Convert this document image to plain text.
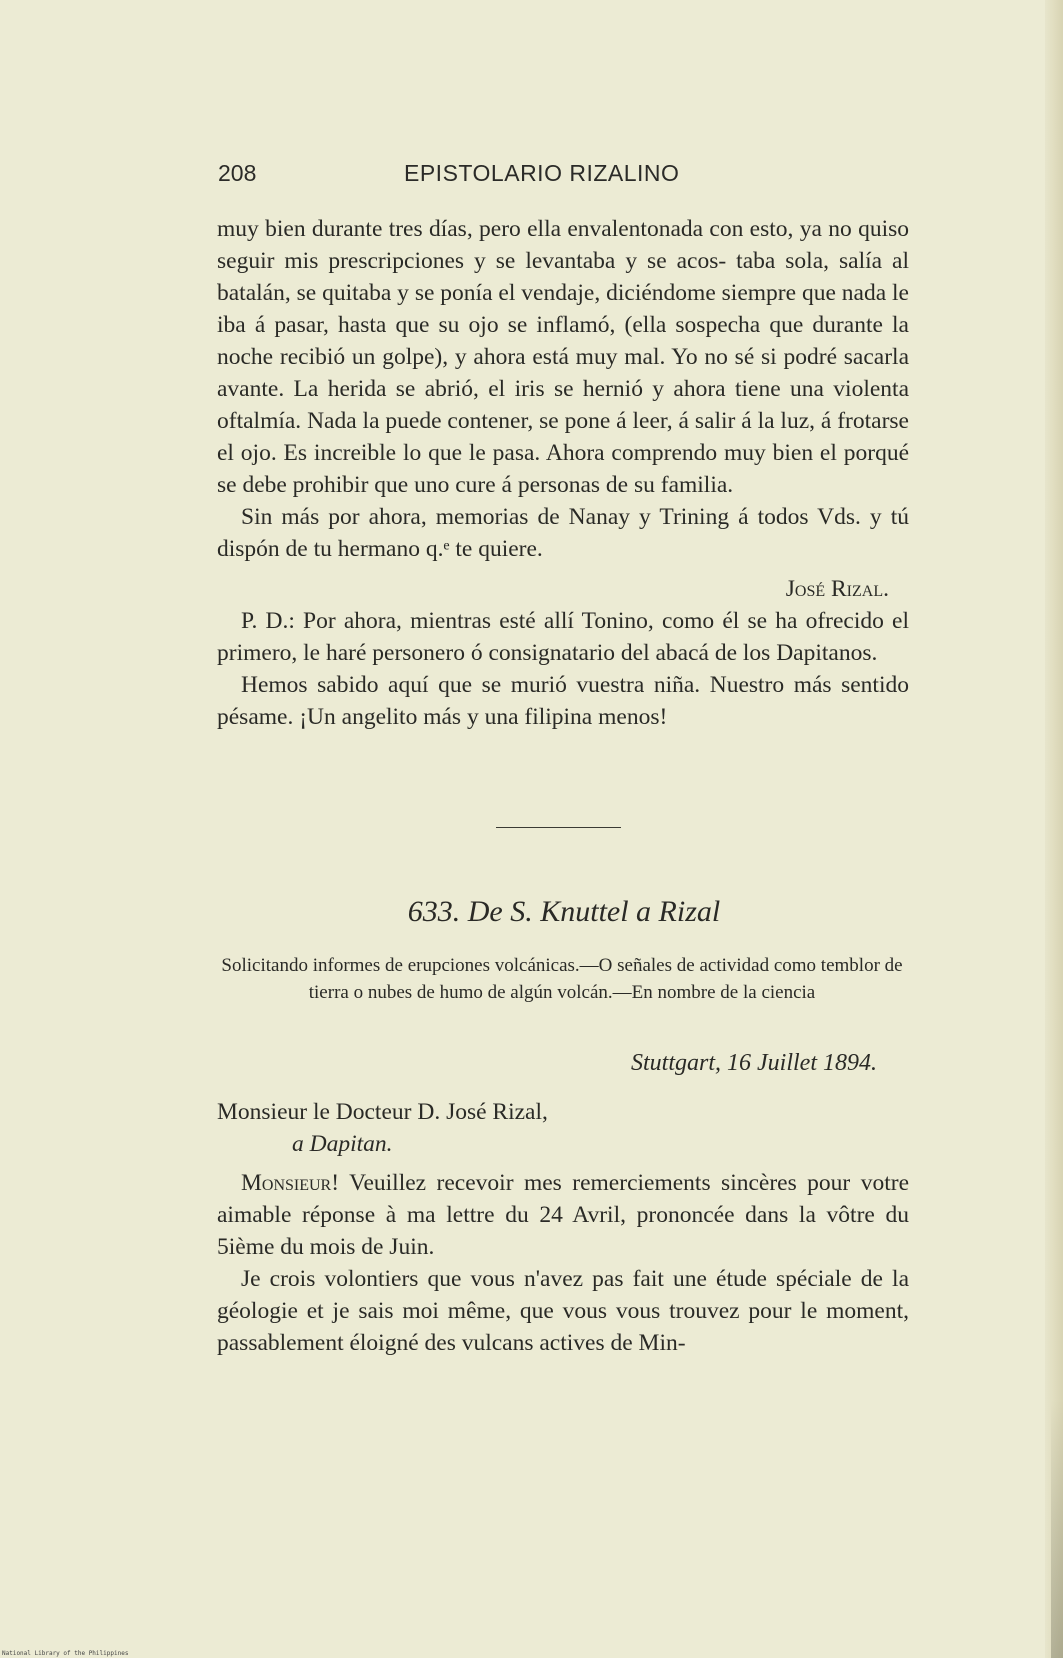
208	EPISTOLARIO RIZALINO

muy bien durante tres días, pero ella envalentonada con esto, ya no quiso seguir mis prescripciones y se levantaba y se acos- taba sola, salía al batalán, se quitaba y se ponía el vendaje, diciéndome siempre que nada le iba á pasar, hasta que su ojo se inflamó, (ella sospecha que durante la noche recibió un golpe), y ahora está muy mal. Yo no sé si podré sacarla avante. La herida se abrió, el iris se hernió y ahora tiene una violenta oftalmía. Nada la puede contener, se pone á leer, á salir á la luz, á frotarse el ojo. Es increible lo que le pasa. Ahora comprendo muy bien el porqué se debe prohibir que uno cure á personas de su familia.

Sin más por ahora, memorias de Nanay y Trining á todos Vds. y tú dispón de tu hermano q.ᵉ te quiere.

José Rizal.

P. D.: Por ahora, mientras esté allí Tonino, como él se ha ofrecido el primero, le haré personero ó consignatario del abacá de los Dapitanos.

Hemos sabido aquí que se murió vuestra niña. Nuestro más sentido pésame. ¡Un angelito más y una filipina menos!

633. De S. Knuttel a Rizal
Solicitando informes de erupciones volcánicas.—O señales de actividad como temblor de tierra o nubes de humo de algún volcán.—En nombre de la ciencia
Stuttgart, 16 Juillet 1894.
Monsieur le Docteur D. José Rizal,
a Dapitan.

Monsieur! Veuillez recevoir mes remerciements sincères pour votre aimable réponse à ma lettre du 24 Avril, prononcée dans la vôtre du 5ième du mois de Juin.

Je crois volontiers que vous n'avez pas fait une étude spéciale de la géologie et je sais moi même, que vous vous trouvez pour le moment, passablement éloigné des vulcans actives de Min-

National Library of the Philippines
